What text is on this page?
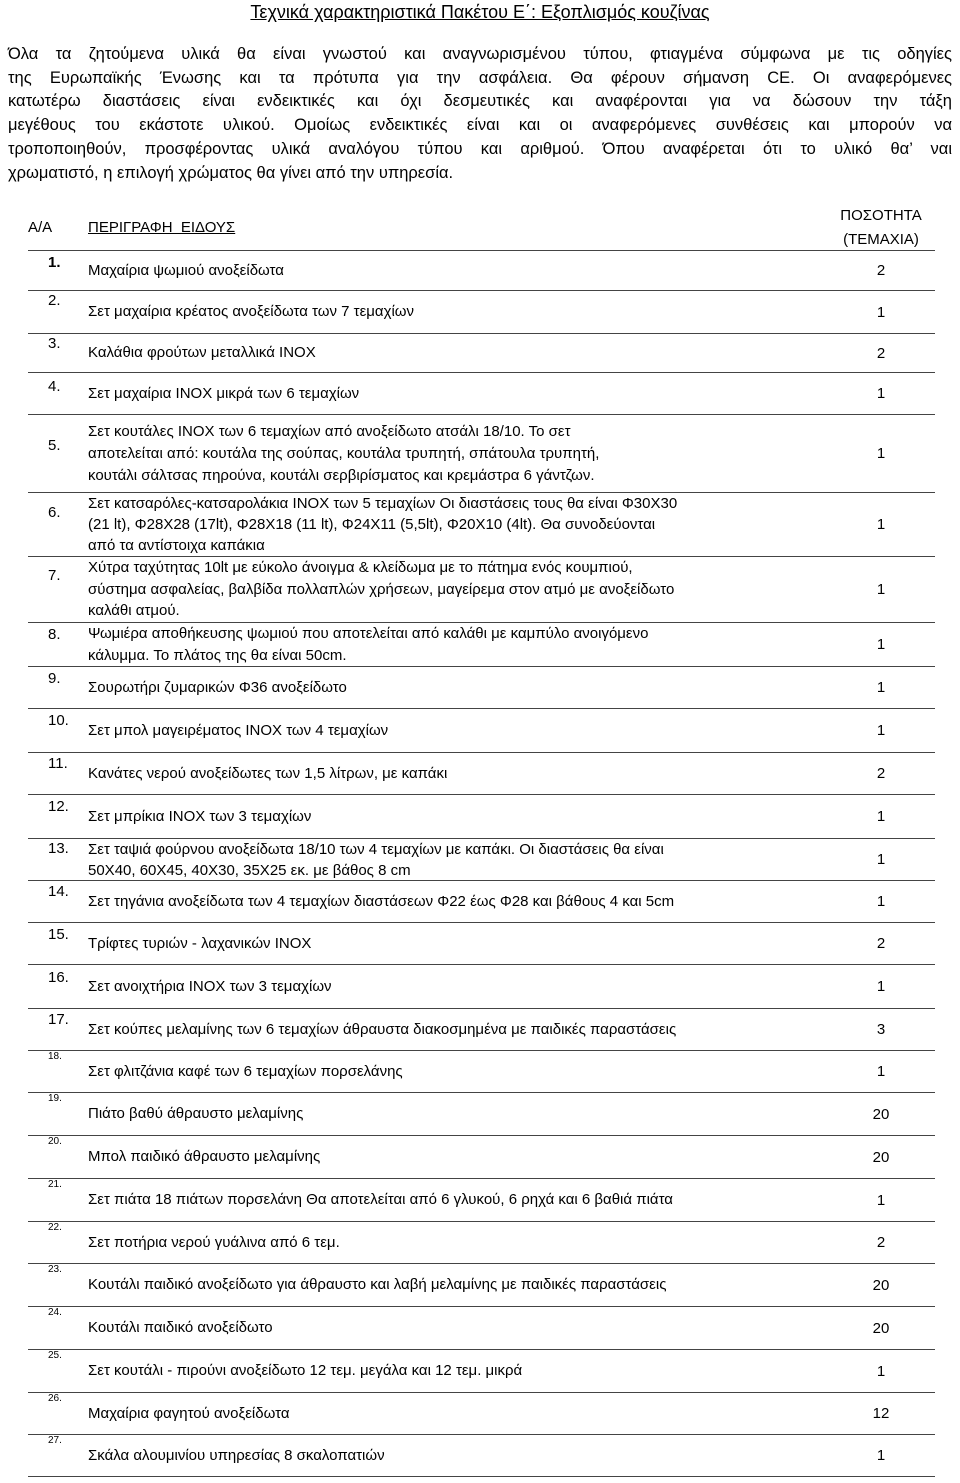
Τεχνικά χαρακτηριστικά Πακέτου Ε΄: Εξοπλισμός κουζίνας
Όλα τα ζητούμενα υλικά θα είναι γνωστού και αναγνωρισμένου τύπου, φτιαγμένα σύμφωνα με τις οδηγίες
της Ευρωπαϊκής Ένωσης και τα πρότυπα για την ασφάλεια. Θα φέρουν σήμανση CE. Οι αναφερόμενες
κατωτέρω διαστάσεις είναι ενδεικτικές και όχι δεσμευτικές και αναφέρονται για να δώσουν την τάξη
μεγέθους του εκάστοτε υλικού. Ομοίως ενδεικτικές είναι και οι αναφερόμενες συνθέσεις και μπορούν να
τροποποιηθούν, προσφέροντας υλικά αναλόγου τύπου και αριθμού. Όπου αναφέρεται ότι το υλικό θα’ ναι
χρωματιστό, η επιλογή χρώματος θα γίνει από την υπηρεσία.
Α/Α ΠΕΡΙΓΡΑΦΗ  ΕΙΔΟΥΣ
ΠΟΣΟΤΗΤΑ
(ΤΕΜΑΧΙΑ)
1. Μαχαίρια ψωμιού ανοξείδωτα	2
2.
Σετ μαχαίρια κρέατος ανοξείδωτα των 7 τεμαχίων	1
3.
Καλάθια φρούτων μεταλλικά INOX	2
4. Σετ μαχαίρια INOX μικρά των 6 τεμαχίων	1
5.
Σετ κουτάλες INOX των 6 τεμαχίων από ανοξείδωτο ατσάλι 18/10. Το σετ
αποτελείται από: κουτάλα της σούπας, κουτάλα τρυπητή, σπάτουλα τρυπητή,
κουτάλι σάλτσας πηρούνα, κουτάλι σερβιρίσματος και κρεμάστρα 6 γάντζων.
1
6.
Σετ κατσαρόλες-κατσαρολάκια INOX των 5 τεμαχίων Οι διαστάσεις τους θα είναι Φ30Χ30
(21 lt), Φ28Χ28 (17lt), Φ28Χ18 (11 lt), Φ24Χ11 (5,5lt), Φ20Χ10 (4lt). Θα συνοδεύονται
από τα αντίστοιχα καπάκια
1
7. Χύτρα ταχύτητας 10lt με εύκολο άνοιγμα & κλείδωμα με το πάτημα ενός κουμπιού,
σύστημα ασφαλείας, βαλβίδα πολλαπλών χρήσεων, μαγείρεμα στον ατμό με ανοξείδωτο
καλάθι ατμού.
1
8. Ψωμιέρα αποθήκευσης ψωμιού που αποτελείται από καλάθι με καμπύλο ανοιγόμενο
κάλυμμα. Το πλάτος της θα είναι 50cm.
1
9. Σουρωτήρι ζυμαρικών Φ36 ανοξείδωτο	1
10.
Σετ μπολ μαγειρέματος INOX των 4 τεμαχίων	1
11.
Κανάτες νερού ανοξείδωτες των 1,5 λίτρων, με καπάκι	2
12.
Σετ μπρίκια INOX των 3 τεμαχίων	1
13. Σετ ταψιά φούρνου ανοξείδωτα 18/10 των 4 τεμαχίων με καπάκι. Οι διαστάσεις θα είναι
50Χ40, 60Χ45, 40Χ30, 35Χ25 εκ. με βάθος 8 cm
1
14.
Σετ τηγάνια ανοξείδωτα των 4 τεμαχίων διαστάσεων Φ22 έως Φ28 και βάθους 4 και 5cm	1
15. Τρίφτες τυριών - λαχανικών INOX	2
16. Σετ ανοιχτήρια INOX των 3 τεμαχίων	1
17.
Σετ κούπες μελαμίνης των 6 τεμαχίων άθραυστα διακοσμημένα με παιδικές παραστάσεις	3
18.
Σετ φλιτζάνια καφέ των 6 τεμαχίων πορσελάνης	1
19.
Πιάτο βαθύ άθραυστο μελαμίνης	20
20.
Μπολ παιδικό άθραυστο μελαμίνης	20
21.
Σετ πιάτα 18 πιάτων πορσελάνη Θα αποτελείται από 6 γλυκού, 6 ρηχά και 6 βαθιά πιάτα	1
22.
Σετ ποτήρια νερού γυάλινα από 6 τεμ.	2
23.
Κουτάλι παιδικό ανοξείδωτο για άθραυστο και λαβή μελαμίνης με παιδικές παραστάσεις	20
24.
Κουτάλι παιδικό ανοξείδωτο	20
25.
Σετ κουτάλι - πιρούνι ανοξείδωτο 12 τεμ. μεγάλα και 12 τεμ. μικρά	1
26.
Μαχαίρια φαγητού ανοξείδωτα	12
27.
Σκάλα αλουμινίου υπηρεσίας 8 σκαλοπατιών	1
